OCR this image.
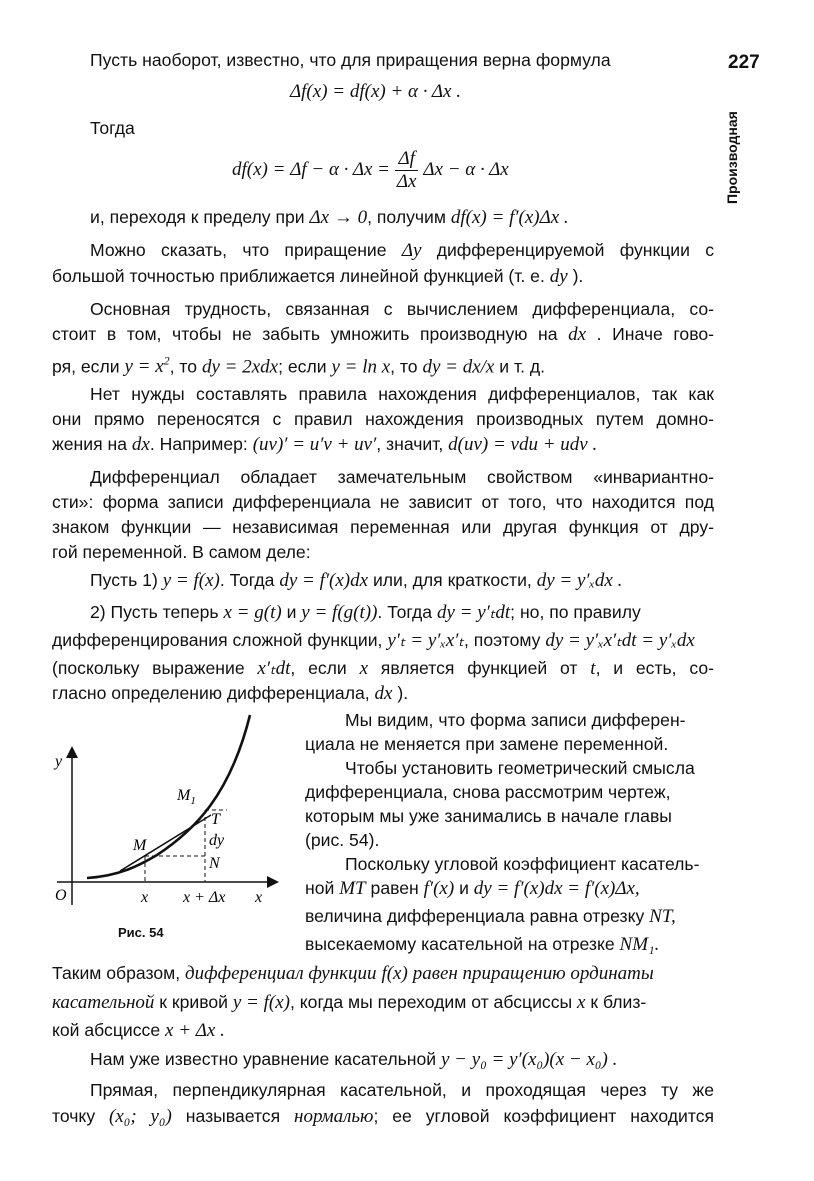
227
Производная
Пусть наоборот, известно, что для приращения верна формула
Δf(x) = df(x) + α · Δx .
Тогда
$df(x) = \Delta f - \alpha \cdot \Delta x = \frac{\Delta f}{\Delta x}$ Δx − α · Δx
и, переходя к пределу при Δx → 0, получим df(x) = f′(x)Δx .
Можно сказать, что приращение Δy дифференцируемой функции с
большой точностью приближается линейной функцией (т. е. dy ).
Основная трудность, связанная с вычислением дифференциала, со-
стоит в том, чтобы не забыть умножить производную на dx . Иначе гово-
ря, если $y = x^2$, то dy = 2xdx; если y = ln x, то dy = dx/x и т. д.
Нет нужды составлять правила нахождения дифференциалов, так как
они прямо переносятся с правил нахождения производных путем домно-
жения на dx. Например: (uv)′ = u′v + uv′, значит, d(uv) = vdu + udv .
Дифференциал обладает замечательным свойством «инвариантно-
сти»: форма записи дифференциала не зависит от того, что находится под
знаком функции — независимая переменная или другая функция от дру-
гой переменной. В самом деле:
Пусть 1) y = f(x). Тогда dy = f′(x)dx или, для краткости, dy = y′ₓdx .
2) Пусть теперь x = g(t) и y = f(g(t)). Тогда dy = y′ₜdt; но, по правилу
дифференцирования сложной функции, y′ₜ = y′ₓx′ₜ, поэтому dy = y′ₓx′ₜdt = y′ₓdx
(поскольку выражение x′ₜdt, если x является функцией от t, и есть, со-
гласно определению дифференциала, dx ).
Мы видим, что форма записи дифферен-
циала не меняется при замене переменной.
Чтобы установить геометрический смысла
дифференциала, снова рассмотрим чертеж,
которым мы уже занимались в начале главы
(рис. 54).
Поскольку угловой коэффициент касатель-
ной MT равен f′(x) и dy = f′(x)dx = f′(x)Δx,
величина дифференциала равна отрезку NT,
высекаемому касательной на отрезке NM₁.
y
O	x x + Δx x
M
$M_1$
T
dy
N
Рис. 54
Таким образом, дифференциал функции f(x) равен приращению ординаты
касательной к кривой y = f(x), когда мы переходим от абсциссы x к близ-
кой абсциссе x + Δx .
Нам уже известно уравнение касательной y − y₀ = y′(x₀)(x − x₀) .
Прямая, перпендикулярная касательной, и проходящая через ту же
точку (x₀; y₀) называется нормалью; ее угловой коэффициент находится
